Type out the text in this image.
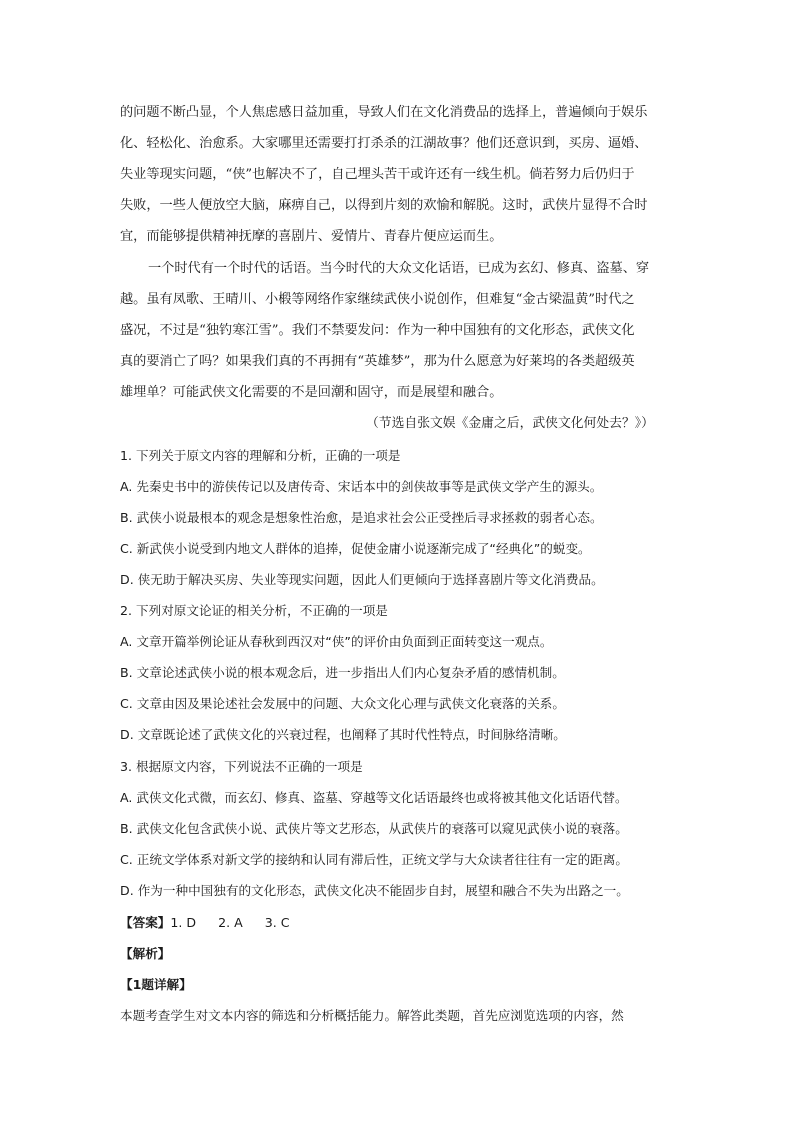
的问题不断凸显，个人焦虑感日益加重，导致人们在文化消费品的选择上，普遍倾向于娱乐
化、轻松化、治愈系。大家哪里还需要打打杀杀的江湖故事？他们还意识到，买房、逼婚、
失业等现实问题，“侠”也解决不了，自己埋头苦干或许还有一线生机。倘若努力后仍归于
失败，一些人便放空大脑，麻痹自己，以得到片刻的欢愉和解脱。这时，武侠片显得不合时
宜，而能够提供精神抚摩的喜剧片、爱情片、青春片便应运而生。
一个时代有一个时代的话语。当今时代的大众文化话语，已成为玄幻、修真、盗墓、穿
越。虽有凤歌、王晴川、小椴等网络作家继续武侠小说创作，但难复“金古梁温黄”时代之
盛况，不过是“独钓寒江雪”。我们不禁要发问：作为一种中国独有的文化形态，武侠文化
真的要消亡了吗？如果我们真的不再拥有“英雄梦”，那为什么愿意为好莱坞的各类超级英
雄埋单？可能武侠文化需要的不是回潮和固守，而是展望和融合。
（节选自张文娱《金庸之后，武侠文化何处去？》）
1. 下列关于原文内容的理解和分析，正确的一项是
A. 先秦史书中的游侠传记以及唐传奇、宋话本中的剑侠故事等是武侠文学产生的源头。
B. 武侠小说最根本的观念是想象性治愈，是追求社会公正受挫后寻求拯救的弱者心态。
C. 新武侠小说受到内地文人群体的追捧，促使金庸小说逐渐完成了“经典化”的蜕变。
D. 侠无助于解决买房、失业等现实问题，因此人们更倾向于选择喜剧片等文化消费品。
2. 下列对原文论证的相关分析，不正确的一项是
A. 文章开篇举例论证从春秋到西汉对“侠”的评价由负面到正面转变这一观点。
B. 文章论述武侠小说的根本观念后，进一步指出人们内心复杂矛盾的感情机制。
C. 文章由因及果论述社会发展中的问题、大众文化心理与武侠文化衰落的关系。
D. 文章既论述了武侠文化的兴衰过程，也阐释了其时代性特点，时间脉络清晰。
3. 根据原文内容，下列说法不正确的一项是
A. 武侠文化式微，而玄幻、修真、盗墓、穿越等文化话语最终也或将被其他文化话语代替。
B. 武侠文化包含武侠小说、武侠片等文艺形态，从武侠片的衰落可以窥见武侠小说的衰落。
C. 正统文学体系对新文学的接纳和认同有滞后性，正统文学与大众读者往往有一定的距离。
D. 作为一种中国独有的文化形态，武侠文化决不能固步自封，展望和融合不失为出路之一。
【答案】1. D 2. A 3. C
【解析】
【1题详解】
本题考查学生对文本内容的筛选和分析概括能力。解答此类题，首先应浏览选项的内容，然
